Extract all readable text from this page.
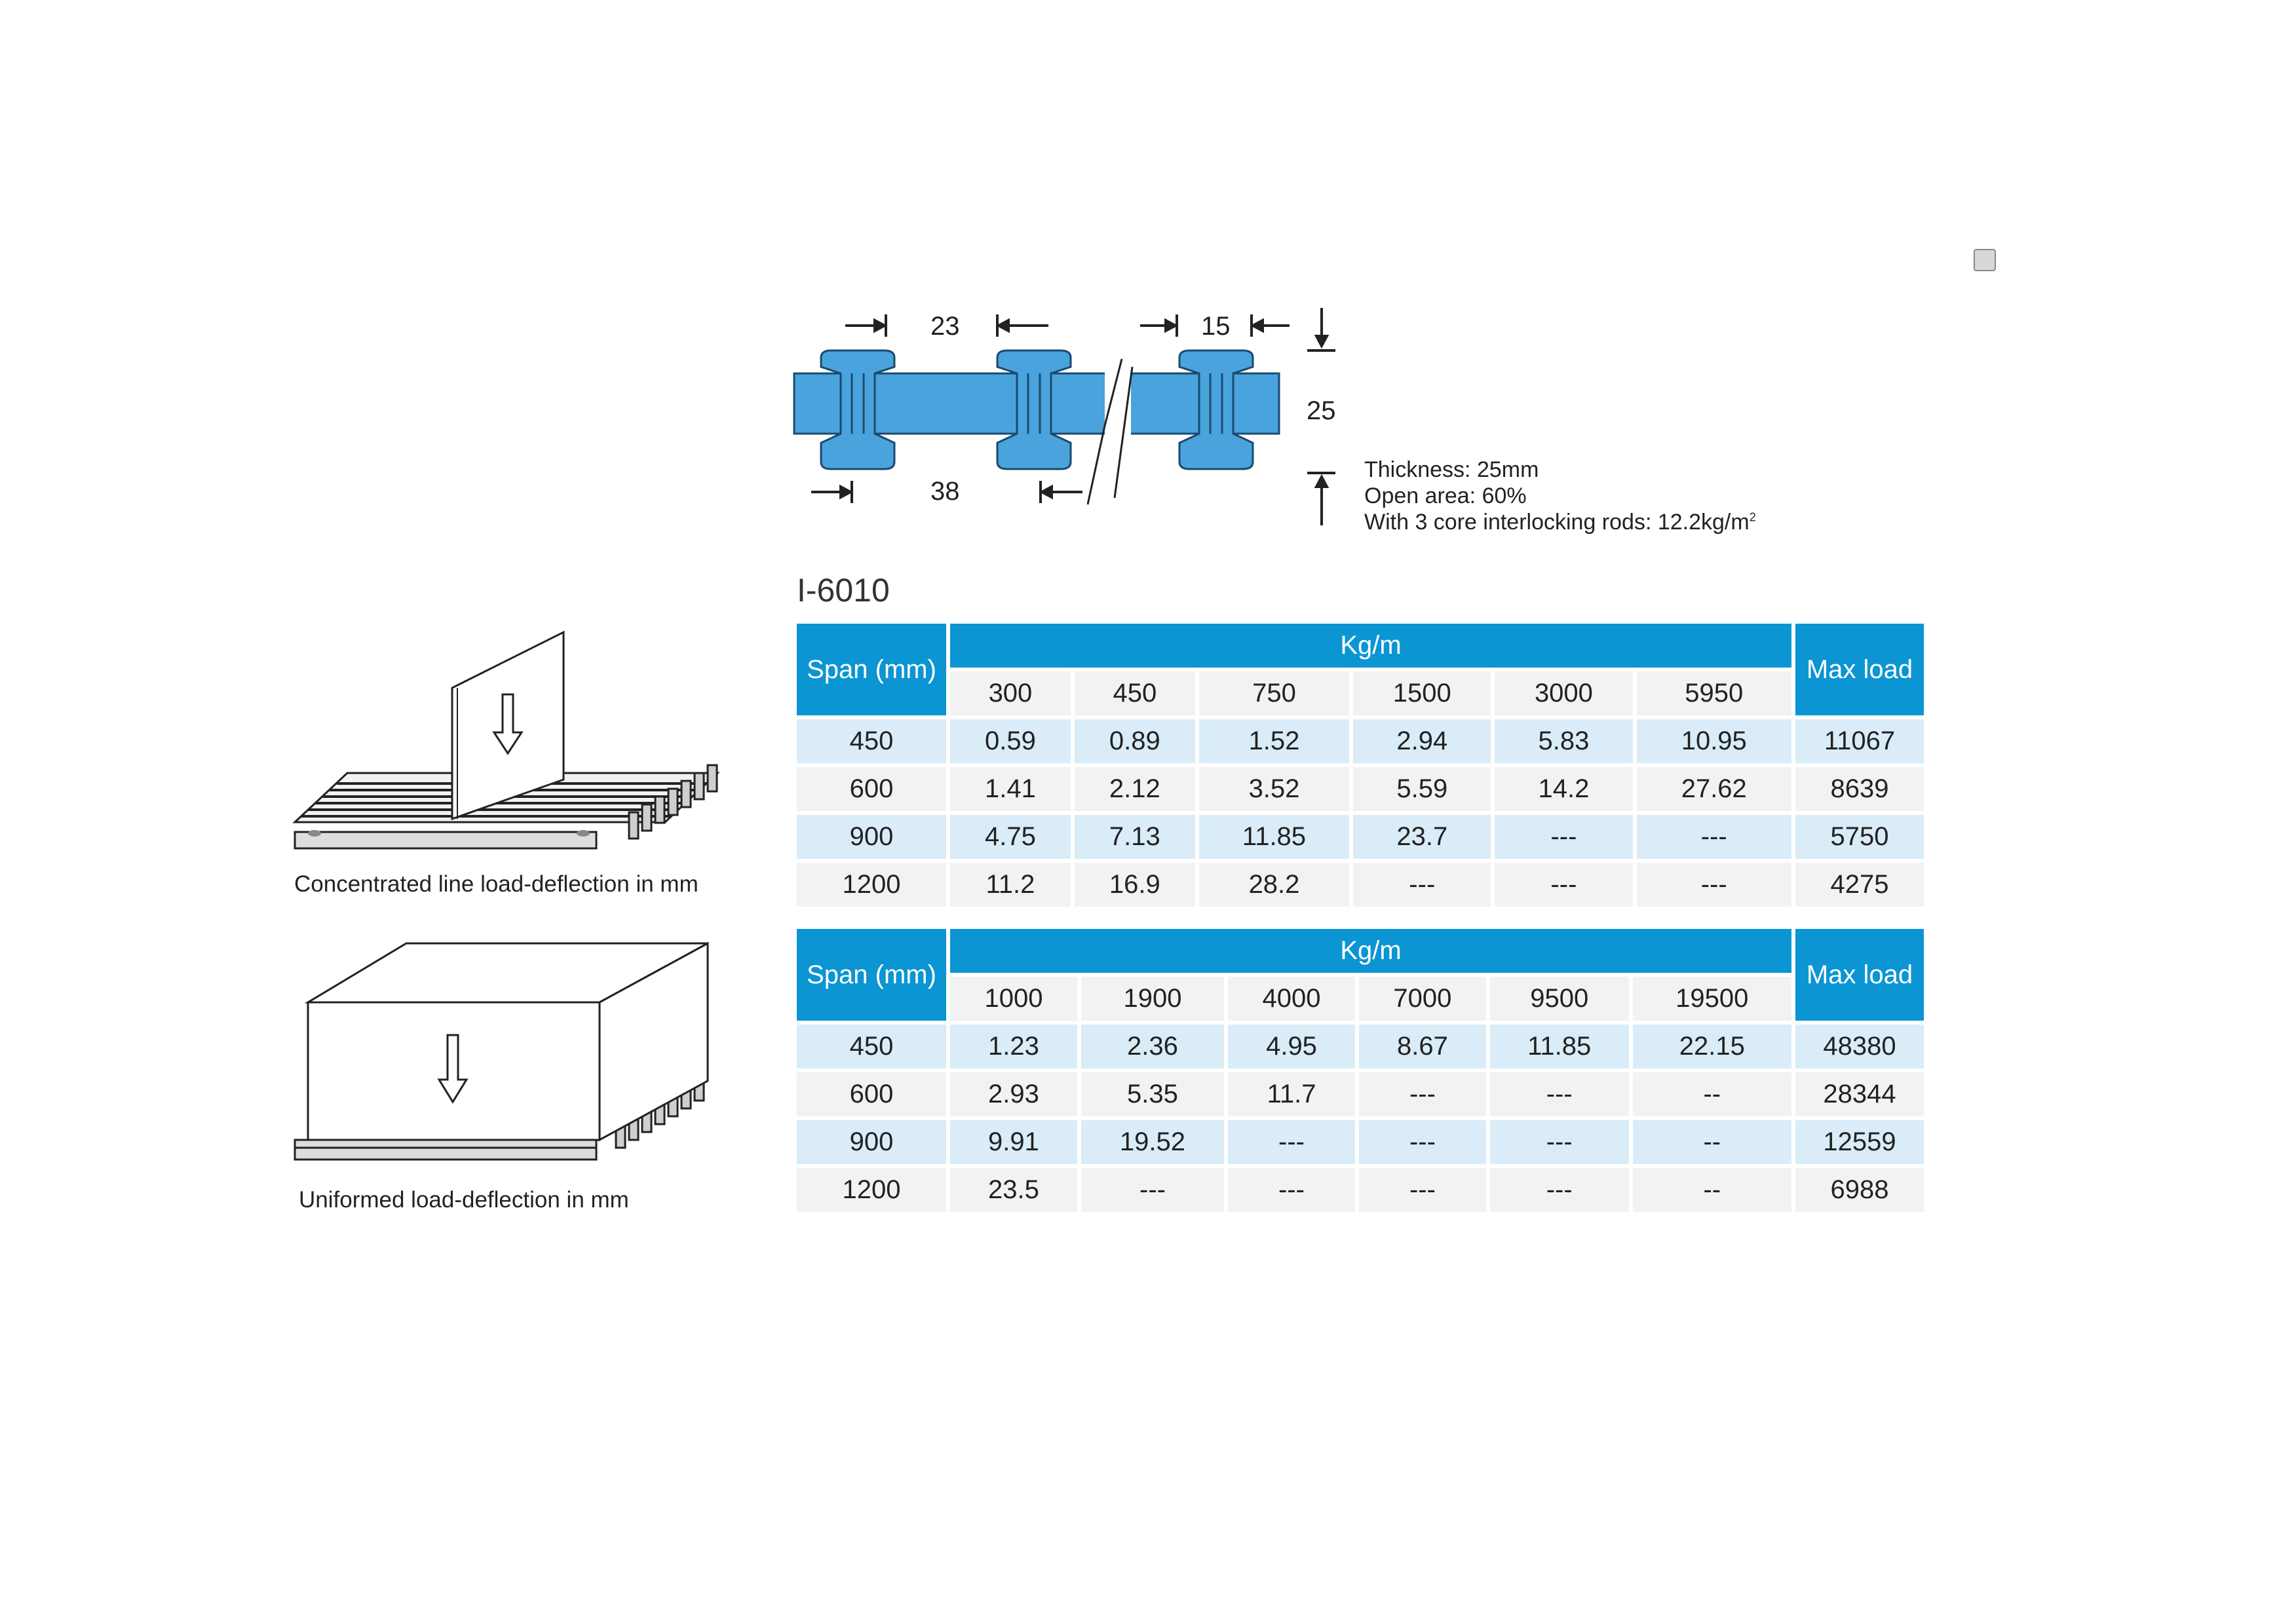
23	15
25
38
Thickness: 25mm
Open area: 60%
With 3 core interlocking rods: $12.2kg/m^2$
I-6010
Span (mm)	Kg/m						Max load
	300	450	750	1500	3000	5950	
450	0.59	0.89	1.52	2.94	5.83	10.95	11067
600	1.41	2.12	3.52	5.59	14.2	27.62	8639
900	4.75	7.13	11.85	23.7	---	---	5750
1200	11.2	16.9	28.2	---	---	---	4275
Span (mm)	Kg/m						Max load
	1000	1900	4000	7000	9500	19500	
450	1.23	2.36	4.95	8.67	11.85	22.15	48380
600	2.93	5.35	11.7	---	---	--	28344
900	9.91	19.52	---	---	---	--	12559
1200	23.5	---	---	---	---	--	6988
Concentrated line load-deflection in mm
Uniformed load-deflection in mm
